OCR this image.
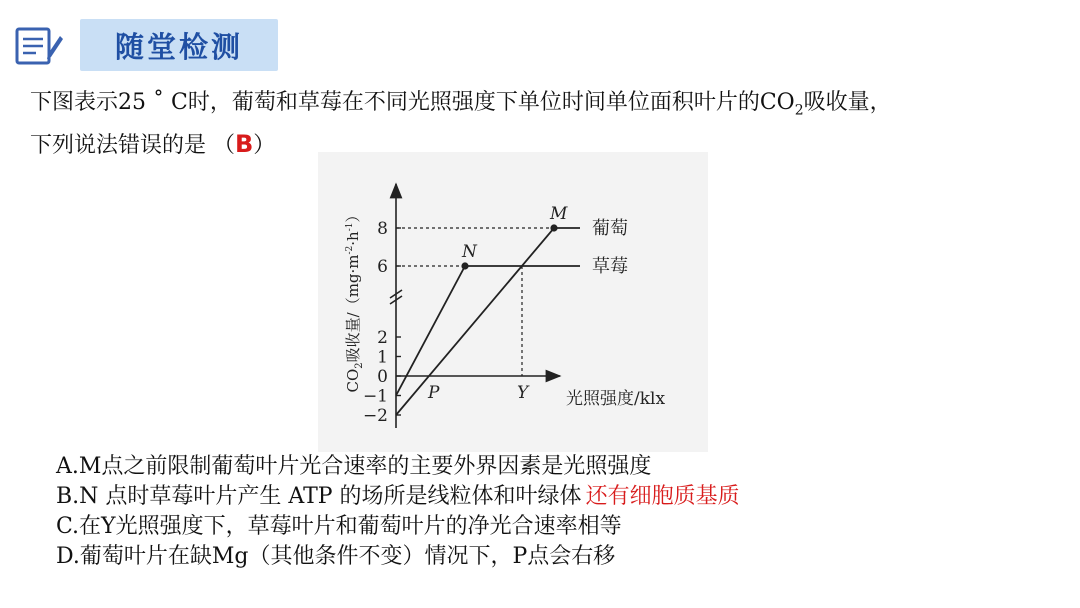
随堂检测
下图表示25 ˚ C时，葡萄和草莓在不同光照强度下单位时间单位面积叶片的$CO_2$吸收量，
下列说法错误的是 （B）
$CO_2$吸收量$/(mg\cdot m^{-2}\cdot h^{-1})$
光照强度/klx
8
6
2
1
0
−1
−2
M
N
P	Y
葡萄
草莓
A.M点之前限制葡萄叶片光合速率的主要外界因素是光照强度
B.N 点时草莓叶片产生 ATP 的场所是线粒体和叶绿体 还有细胞质基质
C.在Y光照强度下，草莓叶片和葡萄叶片的净光合速率相等
D.葡萄叶片在缺Mg（其他条件不变）情况下，P点会右移
